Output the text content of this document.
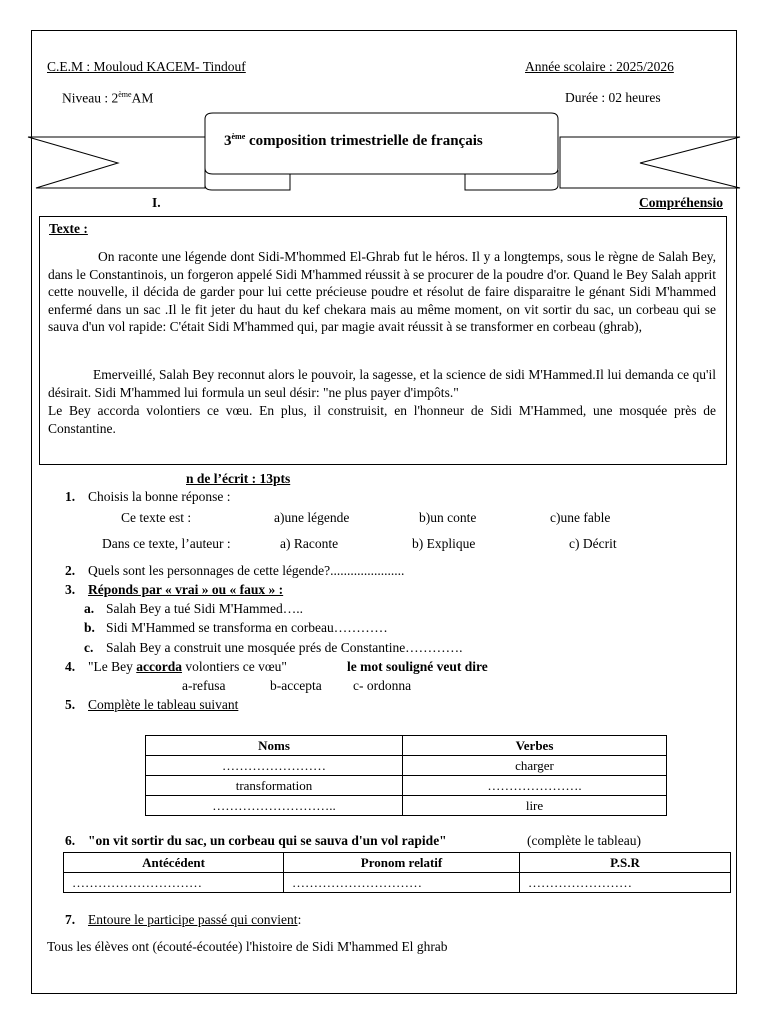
C.E.M : Mouloud KACEM- Tindouf	Année scolaire : 2025/2026
Niveau : 2èmeAM	Durée : 02 heures
3ème composition trimestrielle de français
I.	Compréhensio
Texte :
On raconte une légende dont Sidi-M'hommed El-Ghrab fut le héros. Il y a longtemps, sous le règne de Salah Bey, dans le Constantinois, un forgeron appelé Sidi M'hammed réussit à se procurer de la poudre d'or. Quand le Bey Salah apprit cette nouvelle, il décida de garder pour lui cette précieuse poudre et résolut de faire disparaitre le génant Sidi M'hammed enfermé dans un sac .Il le fit jeter du haut du kef chekara mais au même moment, on vit sortir du sac, un corbeau qui se sauva d'un vol rapide: C'était Sidi M'hammed qui, par magie avait réussit à se transformer en corbeau (ghrab),
Emerveillé, Salah Bey reconnut alors le pouvoir, la sagesse, et la science de sidi M'Hammed.Il lui demanda ce qu'il désirait. Sidi M'hammed lui formula un seul désir: "ne plus payer d'impôts."
Le Bey accorda volontiers ce vœu. En plus, il construisit, en l'honneur de Sidi M'Hammed, une mosquée près de Constantine.
n de l’écrit : 13pts
1. Choisis la bonne réponse :
Ce texte est :	a)une légende	b)un conte	c)une fable
Dans ce texte, l’auteur :	a) Raconte	b) Explique	c) Décrit
2. Quels sont les personnages de cette légende?......................
3. Réponds par « vrai » ou « faux » :
a. Salah Bey a tué Sidi M'Hammed…..
b. Sidi M'Hammed se transforma en corbeau…………
c. Salah Bey a construit une mosquée prés de Constantine………….
4. "Le Bey accorda volontiers ce vœu"	le mot souligné veut dire
a-refusa	b-accepta c- ordonna
5. Complète le tableau suivant
Noms	Verbes
……………………	charger
transformation	………………….
………………………..	lire
6. "on vit sortir du sac, un corbeau qui se sauva d'un vol rapide"	(complète le tableau)
Antécédent	Pronom relatif	P.S.R
…………………………	…………………………	……………………
7. Entoure le participe passé qui convient:
Tous les élèves ont (écouté-écoutée) l'histoire de Sidi M'hammed El ghrab
